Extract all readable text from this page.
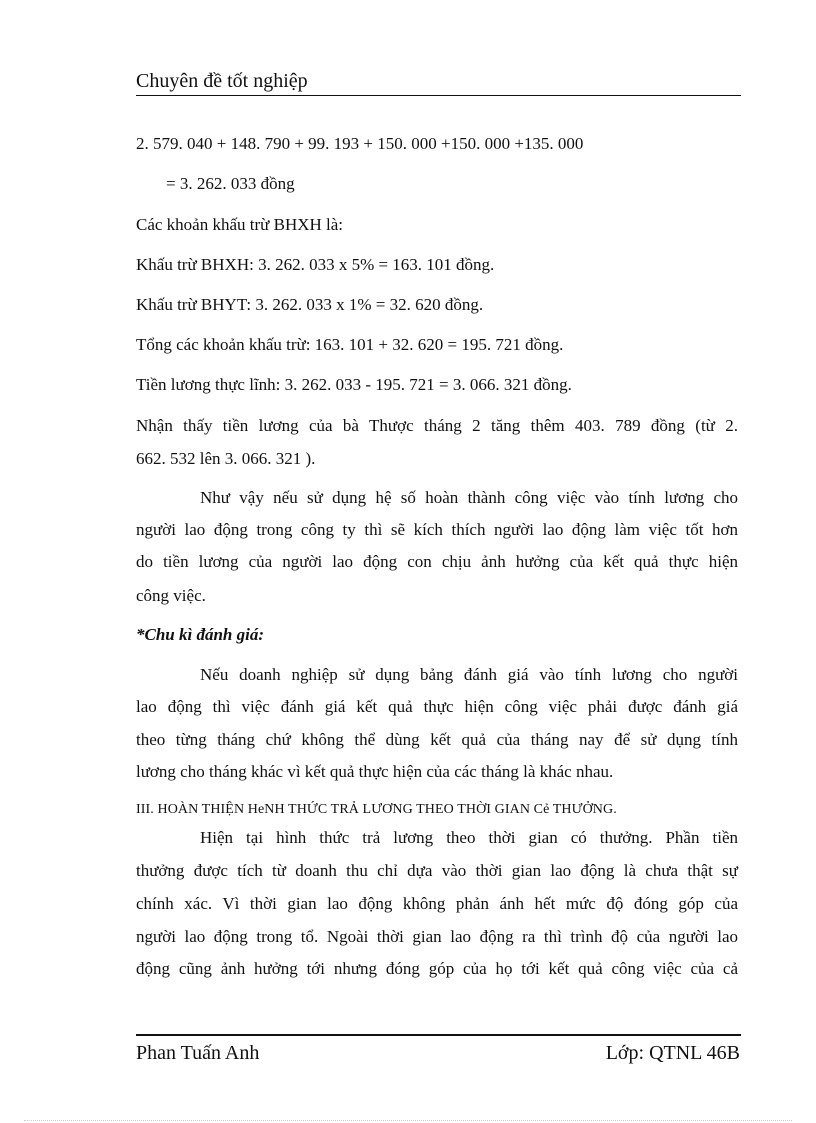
Chuyên đề tốt nghiệp
2. 579. 040 + 148. 790 + 99. 193 + 150. 000 +150. 000 +135. 000
= 3. 262. 033 đồng
Các khoản khấu trừ BHXH là:
Khấu trừ BHXH: 3. 262. 033 x 5% = 163. 101 đồng.
Khấu trừ BHYT: 3. 262. 033 x 1% = 32. 620 đồng.
Tổng các khoản khấu trừ: 163. 101 + 32. 620 = 195. 721 đồng.
Tiền lương thực lĩnh: 3. 262. 033 - 195. 721 = 3. 066. 321 đồng.
Nhận thấy tiền lương của bà Thược tháng 2 tăng thêm 403. 789 đồng (từ 2.
662. 532 lên 3. 066. 321 ).
Như vậy nếu sử dụng hệ số hoàn thành công việc vào tính lương cho
người lao động trong công ty thì sẽ kích thích người lao động làm việc tốt hơn
do tiền lương của người lao động con chịu ảnh hưởng của kết quả thực hiện
công việc.
*Chu kì đánh giá:
Nếu doanh nghiệp sử dụng bảng đánh giá vào tính lương cho người
lao động thì việc đánh giá kết quả thực hiện công việc phải được đánh giá
theo từng tháng chứ không thể dùng kết quả của tháng nay để sử dụng tính
lương cho tháng khác vì kết quả thực hiện của các tháng là khác nhau.
III. HOÀN THIỆN HeNH THỨC TRẢ LƯƠNG THEO THỜI GIAN Cẻ THƯỞNG.
Hiện tại hình thức trả lương theo thời gian có thưởng. Phần tiền
thưởng được tích từ doanh thu chỉ dựa vào thời gian lao động là chưa thật sự
chính xác. Vì thời gian lao động không phản ánh hết mức độ đóng góp của
người lao động trong tổ. Ngoài thời gian lao động ra thì trình độ của người lao
động cũng ảnh hưởng tới nhưng đóng góp của họ tới kết quả công việc của cả
Phan Tuấn Anh	Lớp: QTNL 46B
